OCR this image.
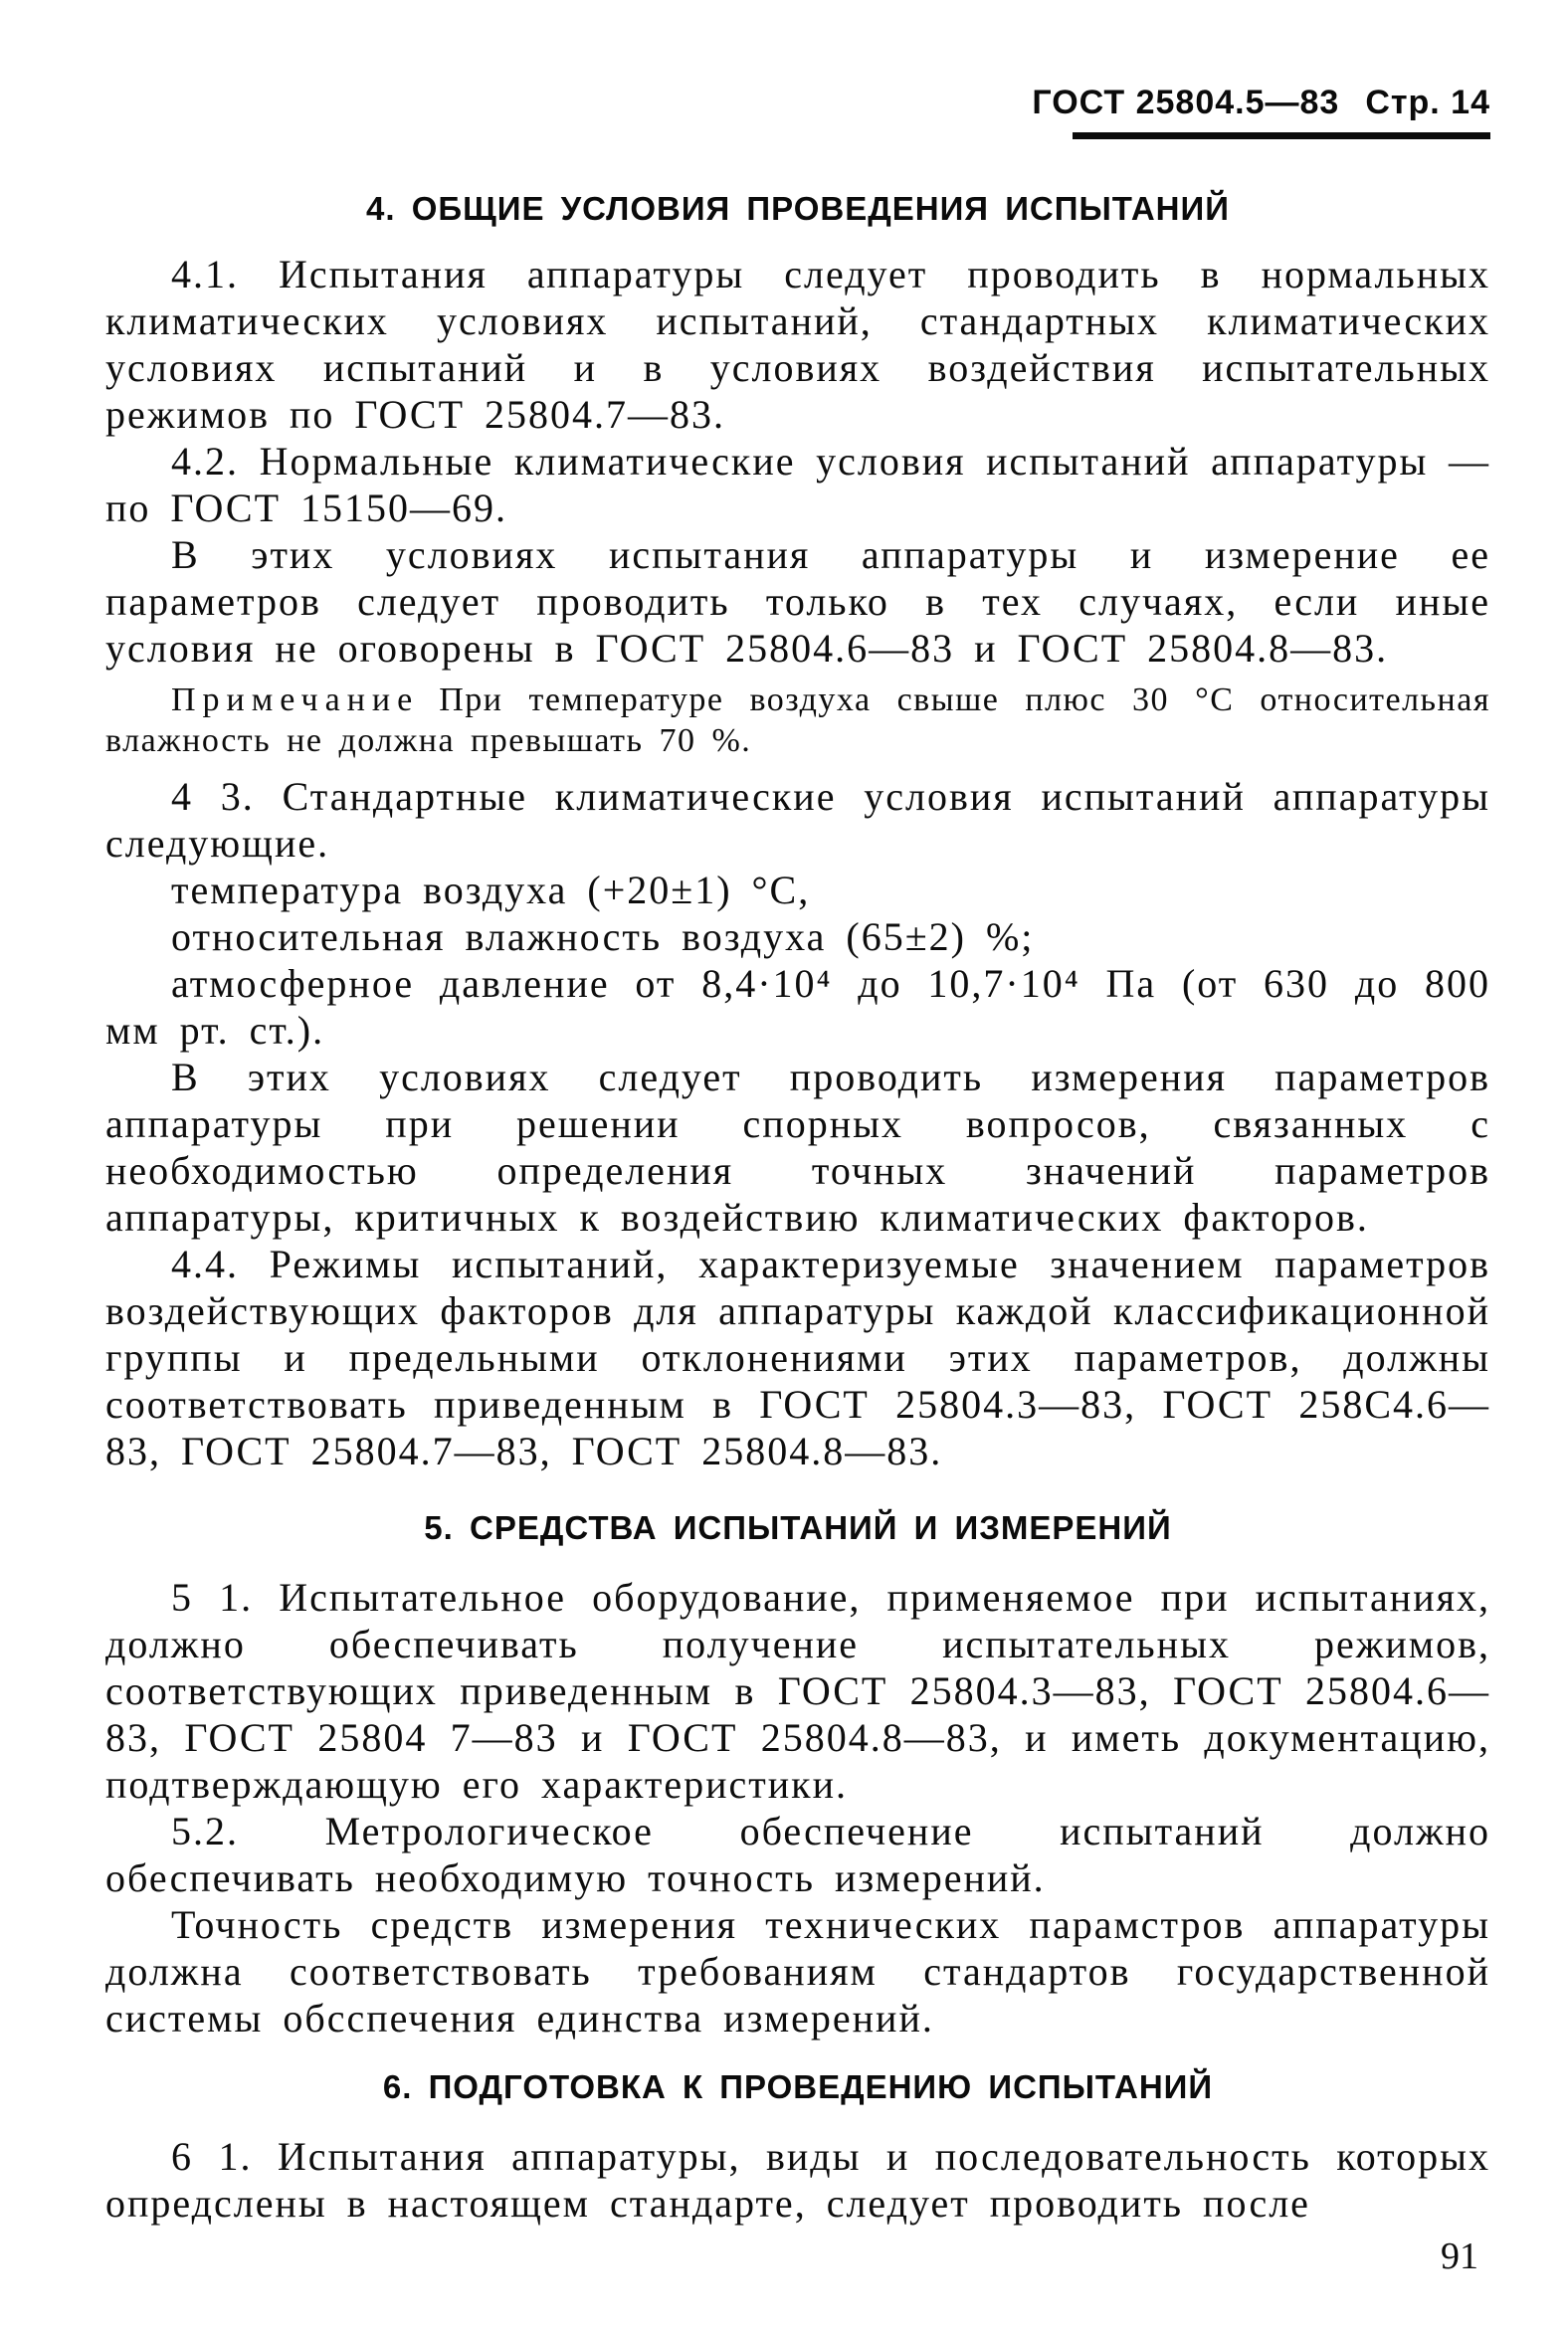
ГОСТ 25804.5—83 Стр. 14
4. ОБЩИЕ УСЛОВИЯ ПРОВЕДЕНИЯ ИСПЫТАНИЙ

4.1. Испытания аппаратуры следует проводить в нормальных климатических условиях испытаний, стандартных климатических условиях испытаний и в условиях воздействия испытательных режимов по ГОСТ 25804.7—83.

4.2. Нормальные климатические условия испытаний аппаратуры — по ГОСТ 15150—69.

В этих условиях испытания аппаратуры и измерение ее параметров следует проводить только в тех случаях, если иные условия не оговорены в ГОСТ 25804.6—83 и ГОСТ 25804.8—83.

Примечание При температуре воздуха свыше плюс 30 °С относительная влажность не должна превышать 70 %.

4 3. Стандартные климатические условия испытаний аппаратуры следующие.

температура воздуха (+20±1) °С,

относительная влажность воздуха (65±2) %;

атмосферное давление от 8,4·10⁴ до 10,7·10⁴ Па (от 630 до 800 мм рт. ст.).

В этих условиях следует проводить измерения параметров аппаратуры при решении спорных вопросов, связанных с необходимостью определения точных значений параметров аппаратуры, критичных к воздействию климатических факторов.

4.4. Режимы испытаний, характеризуемые значением параметров воздействующих факторов для аппаратуры каждой классификационной группы и предельными отклонениями этих параметров, должны соответствовать приведенным в ГОСТ 25804.3—83, ГОСТ 258С4.6—83, ГОСТ 25804.7—83, ГОСТ 25804.8—83.

5. СРЕДСТВА ИСПЫТАНИЙ И ИЗМЕРЕНИЙ

5 1. Испытательное оборудование, применяемое при испытаниях, должно обеспечивать получение испытательных режимов, соответствующих приведенным в ГОСТ 25804.3—83, ГОСТ 25804.6—83, ГОСТ 25804 7—83 и ГОСТ 25804.8—83, и иметь документацию, подтверждающую его характеристики.

5.2. Метрологическое обеспечение испытаний должно обеспечивать необходимую точность измерений.

Точность средств измерения технических парамстров аппаратуры должна соответствовать требованиям стандартов государственной системы обсспечения единства измерений.

6. ПОДГОТОВКА К ПРОВЕДЕНИЮ ИСПЫТАНИЙ

6 1. Испытания аппаратуры, виды и последовательность которых опредслены в настоящем стандарте, следует проводить после

91
